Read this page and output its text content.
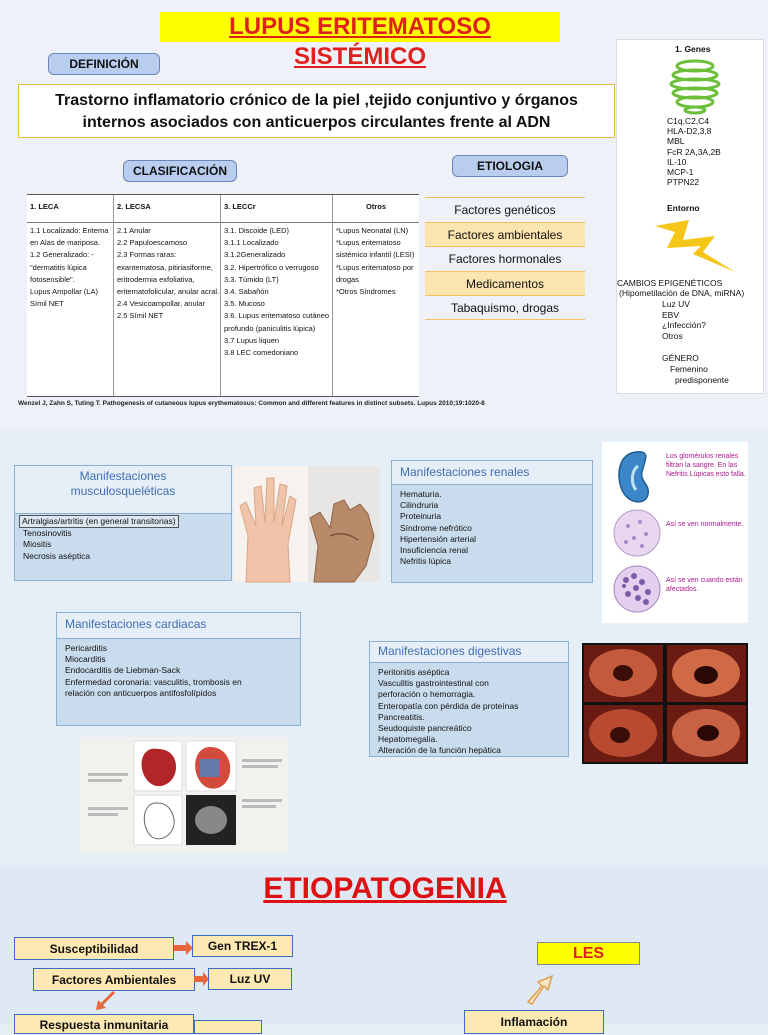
LUPUS ERITEMATOSO SISTÉMICO
DEFINICIÓN
Trastorno inflamatorio crónico de la piel ,tejido conjuntivo y órganos
internos asociados con anticuerpos circulantes frente al ADN
CLASIFICACIÓN	ETIOLOGIA
1. LECA
1.1 Localizado: Eritema
en Alas de mariposa.
1.2 Generalizado: -
"dermatitis lúpica
fotosensible".
Lupus Ampollar (LA)
Símil NET
2. LECSA
2.1 Anular
2.2 Papuloescamoso
2.3 Formas raras:
exantematosa, pitiriasiforme,
eritrodermia exfoliativa,
eritematofolicular, anular acral.
2.4 Vesicoampollar, anular
2.5 Símil NET
3. LECCr
3.1. Discoide (LED)
3.1.1 Localizado
3.1.2Generalizado
3.2. Hipertrófico o verrugoso
3.3. Túmido (LT)
3.4. Sabañón
3.5. Mucoso
3.6. Lupus eritematoso cutáneo
profundo (paniculitis lúpica)
3.7 Lupus liquen
3.8 LEC comedoniano
Otros
*Lupus Neonatal (LN)
*Lupus eritematoso
sistémico infantil (LESI)
*Lupus eritematoso por
drogas
*Otros Síndromes
Wenzel J, Zahn S, Tuting T. Pathogenesis of cutaneous lupus erythematosus: Common and different features in distinct subsets. Lupus 2010;19:1020-8
Factores genéticos
Factores ambientales
Factores hormonales
Medicamentos
Tabaquismo, drogas
1. Genes
C1q,C2,C4
HLA-D2,3,8
MBL
FcR 2A,3A,2B
IL-10
MCP-1
PTPN22
Entorno
CAMBIOS EPIGENÉTICOS
(Hipometilación de DNA, miRNA)
Luz UV
EBV
¿Infección?
Otros
GÉNERO
Femenino
predisponente
Manifestaciones
musculosqueléticas
Artralgias/artritis (en general transitorias)
Tenosinovitis
Miositis
Necrosis aséptica
Manifestaciones renales
Hematuria.
Cilindruria
Proteinuria
Síndrome nefrótico
Hipertensión arterial
Insuficiencia renal
Nefritis lúpica
Los glomérulos renales filtran la sangre. En las Nefritis Lúpicas esto falla.
Así se ven normalmente.
Así se ven cuando están afectados.
Manifestaciones cardiacas
Pericarditis
Miocarditis
Endocarditis de Liebman-Sack
Enfermedad coronaria: vasculitis, trombosis en
relación con anticuerpos antifosfolípidos
Manifestaciones digestivas
Peritonitis aséptica
Vasculitis gastrointestinal con
perforación o hemorragia.
Enteropatía con pérdida de proteínas
Pancreatitis.
Seudoquiste pancreático
Hepatomegalia.
Alteración de la función hepática
ETIOPATOGENIA
Susceptibilidad	Gen TREX-1
Factores Ambientales	Luz UV
Respuesta inmunitaria
LES
Inflamación
